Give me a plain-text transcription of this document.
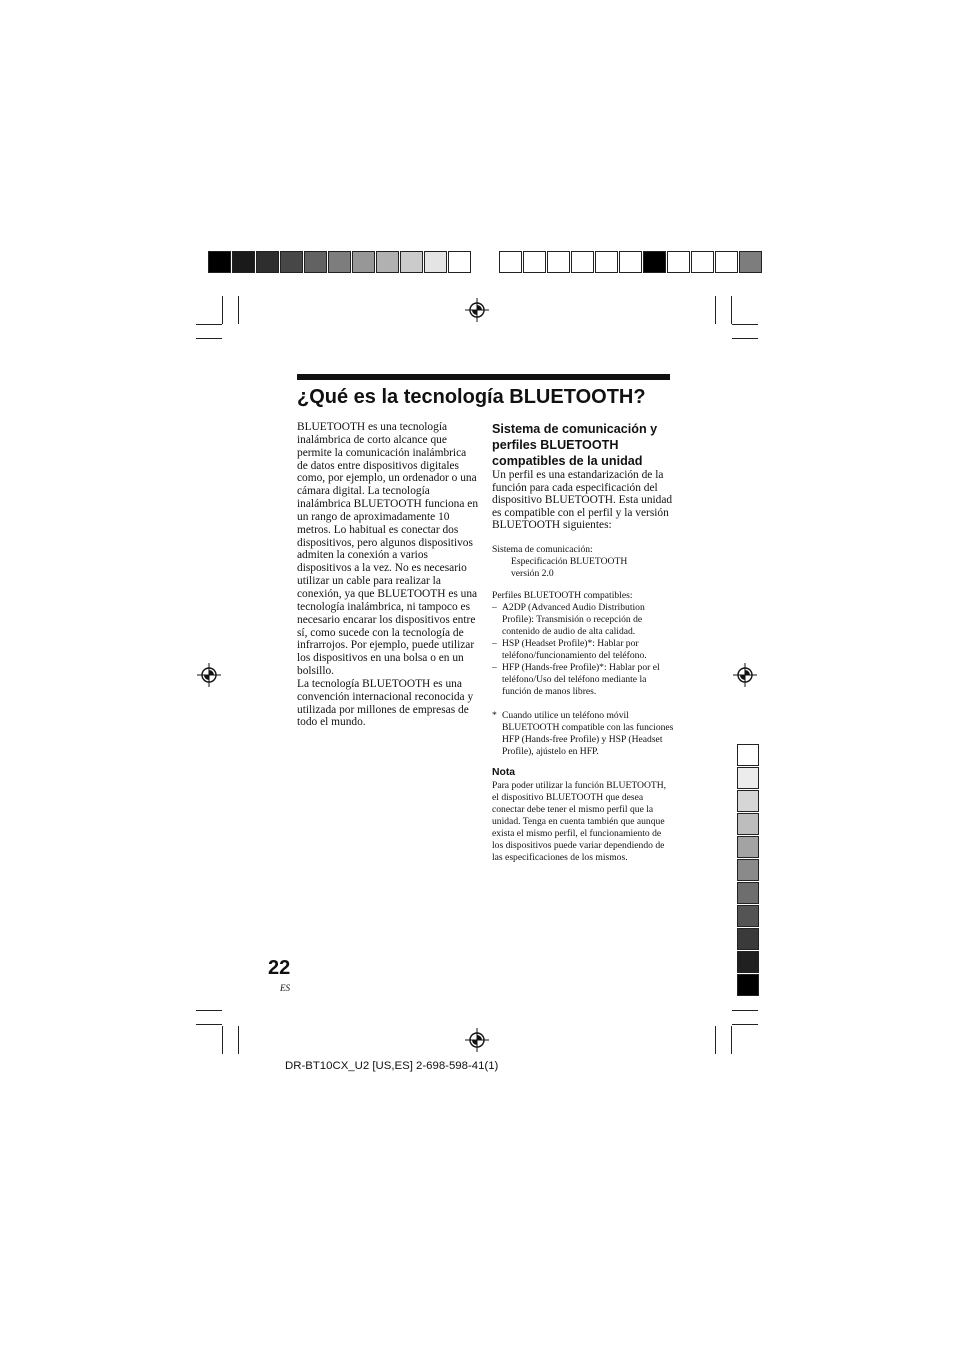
¿Qué es la tecnología BLUETOOTH?

BLUETOOTH es una tecnología inalámbrica de corto alcance que permite la comunicación inalámbrica de datos entre dispositivos digitales como, por ejemplo, un ordenador o una cámara digital. La tecnología inalámbrica BLUETOOTH funciona en un rango de aproximadamente 10 metros. Lo habitual es conectar dos dispositivos, pero algunos dispositivos admiten la conexión a varios dispositivos a la vez. No es necesario utilizar un cable para realizar la conexión, ya que BLUETOOTH es una tecnología inalámbrica, ni tampoco es necesario encarar los dispositivos entre sí, como sucede con la tecnología de infrarrojos. Por ejemplo, puede utilizar los dispositivos en una bolsa o en un bolsillo.

La tecnología BLUETOOTH es una convención internacional reconocida y utilizada por millones de empresas de todo el mundo.

Sistema de comunicación y perfiles BLUETOOTH compatibles de la unidad

Un perfil es una estandarización de la función para cada especificación del dispositivo BLUETOOTH. Esta unidad es compatible con el perfil y la versión BLUETOOTH siguientes:

Sistema de comunicación:

Especificación BLUETOOTH

versión 2.0

Perfiles BLUETOOTH compatibles:

– A2DP (Advanced Audio Distribution Profile): Transmisión o recepción de contenido de audio de alta calidad.
– HSP (Headset Profile)*: Hablar por teléfono/funcionamiento del teléfono.
– HFP (Hands-free Profile)*: Hablar por el teléfono/Uso del teléfono mediante la función de manos libres.
* Cuando utilice un teléfono móvil BLUETOOTH compatible con las funciones HFP (Hands-free Profile) y HSP (Headset Profile), ajústelo en HFP.

Nota

Para poder utilizar la función BLUETOOTH, el dispositivo BLUETOOTH que desea conectar debe tener el mismo perfil que la unidad. Tenga en cuenta también que aunque exista el mismo perfil, el funcionamiento de los dispositivos puede variar dependiendo de las especificaciones de los mismos.

22
ES
DR-BT10CX_U2 [US,ES] 2-698-598-41(1)
